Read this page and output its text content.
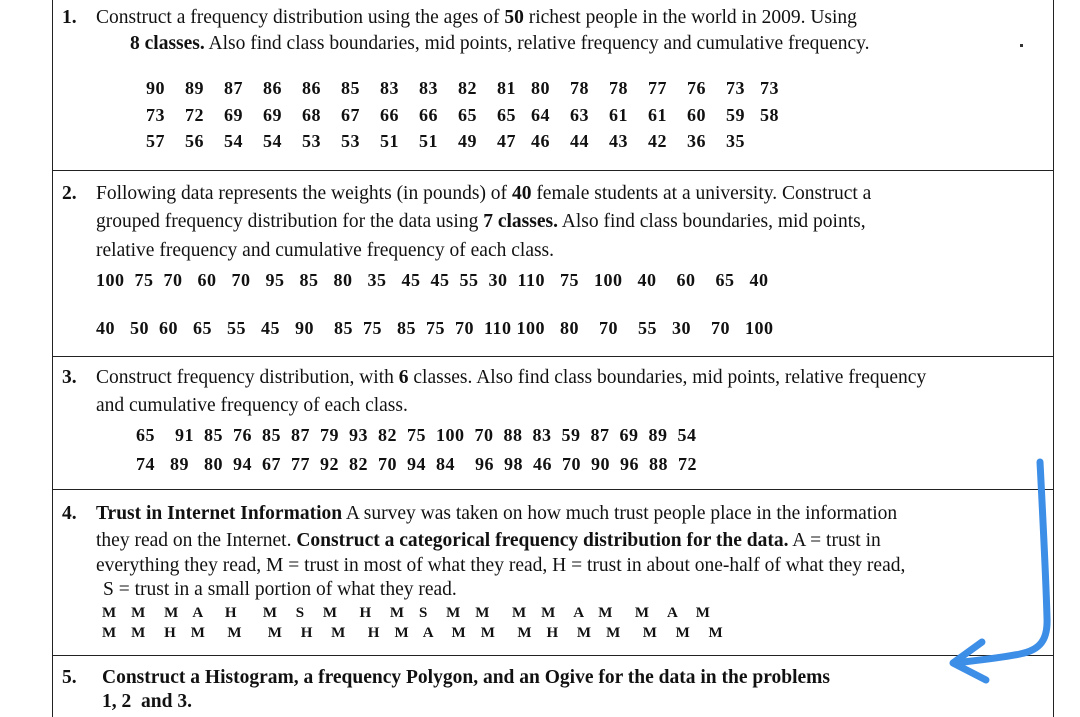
1. Construct a frequency distribution using the ages of 50 richest people in the world in 2009. Using
8 classes. Also find class boundaries, mid points, relative frequency and cumulative frequency.
90    89    87    86    86    85    83    83    82    81   80    78    78    77    76    73   73
73    72    69    69    68    67    66    66    65    65   64    63    61    61    60    59   58
57    56    54    54    53    53    51    51    49    47   46    44    43    42    36    35
2. Following data represents the weights (in pounds) of 40 female students at a university. Construct a
grouped frequency distribution for the data using 7 classes. Also find class boundaries, mid points,
relative frequency and cumulative frequency of each class.
100  75  70   60   70   95   85   80   35   45  45  55  30  110   75   100   40    60    65   40
40   50  60   65   55   45   90    85  75   85  75  70  110 100   80    70    55   30    70   100
3. Construct frequency distribution, with 6 classes. Also find class boundaries, mid points, relative frequency
and cumulative frequency of each class.
65    91  85  76  85  87  79  93  82  75  100  70  88  83  59  87  69  89  54
74   89   80  94  67  77  92  82  70  94  84    96  98  46  70  90  96  88  72
4. Trust in Internet Information A survey was taken on how much trust people place in the information
they read on the Internet. Construct a categorical frequency distribution for the data. A = trust in
everything they read, M = trust in most of what they read, H = trust in about one-half of what they read,
S = trust in a small portion of what they read.
M    M     M    A      H       M     S     M      H     M    S     M    M      M    M     A    M      M     A     M
M    M     H    M      M       M     H     M      H    M    A     M    M      M    H     M    M      M     M     M
5. Construct a Histogram, a frequency Polygon, and an Ogive for the data in the problems
1, 2  and 3.
